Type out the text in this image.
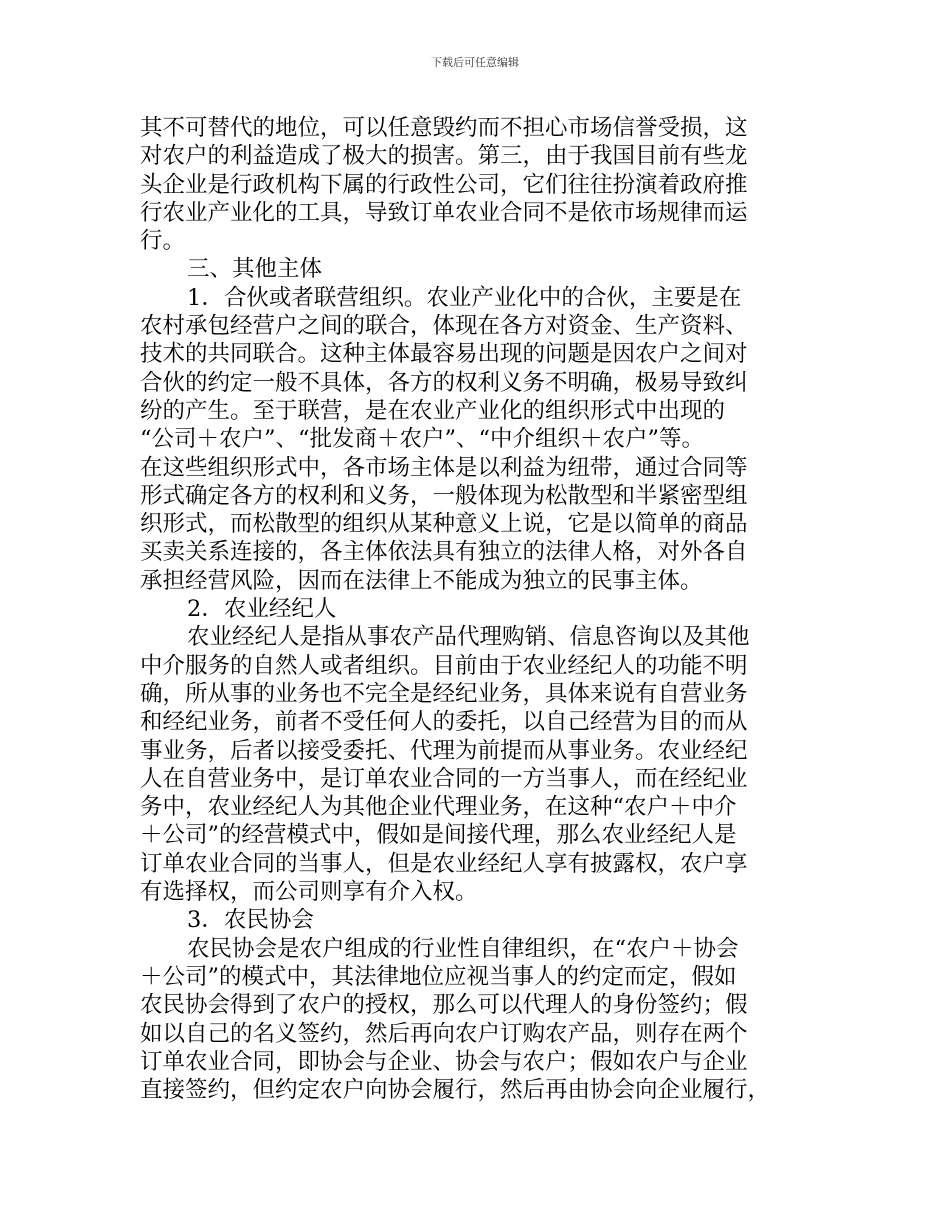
下载后可任意编辑
其不可替代的地位，可以任意毁约而不担心市场信誉受损，这
对农户的利益造成了极大的损害。第三，由于我国目前有些龙
头企业是行政机构下属的行政性公司，它们往往扮演着政府推
行农业产业化的工具，导致订单农业合同不是依市场规律而运
行。
三、其他主体
1．合伙或者联营组织。农业产业化中的合伙，主要是在
农村承包经营户之间的联合，体现在各方对资金、生产资料、
技术的共同联合。这种主体最容易出现的问题是因农户之间对
合伙的约定一般不具体，各方的权利义务不明确，极易导致纠
纷的产生。至于联营，是在农业产业化的组织形式中出现的
“公司＋农户”、“批发商＋农户”、“中介组织＋农户”等。
在这些组织形式中，各市场主体是以利益为纽带，通过合同等
形式确定各方的权利和义务，一般体现为松散型和半紧密型组
织形式，而松散型的组织从某种意义上说，它是以简单的商品
买卖关系连接的，各主体依法具有独立的法律人格，对外各自
承担经营风险，因而在法律上不能成为独立的民事主体。
2．农业经纪人
农业经纪人是指从事农产品代理购销、信息咨询以及其他
中介服务的自然人或者组织。目前由于农业经纪人的功能不明
确，所从事的业务也不完全是经纪业务，具体来说有自营业务
和经纪业务，前者不受任何人的委托，以自己经营为目的而从
事业务，后者以接受委托、代理为前提而从事业务。农业经纪
人在自营业务中，是订单农业合同的一方当事人，而在经纪业
务中，农业经纪人为其他企业代理业务，在这种“农户＋中介
＋公司”的经营模式中，假如是间接代理，那么农业经纪人是
订单农业合同的当事人，但是农业经纪人享有披露权，农户享
有选择权，而公司则享有介入权。
3．农民协会
农民协会是农户组成的行业性自律组织，在“农户＋协会
＋公司”的模式中，其法律地位应视当事人的约定而定，假如
农民协会得到了农户的授权，那么可以代理人的身份签约；假
如以自己的名义签约，然后再向农户订购农产品，则存在两个
订单农业合同，即协会与企业、协会与农户；假如农户与企业
直接签约，但约定农户向协会履行，然后再由协会向企业履行，
